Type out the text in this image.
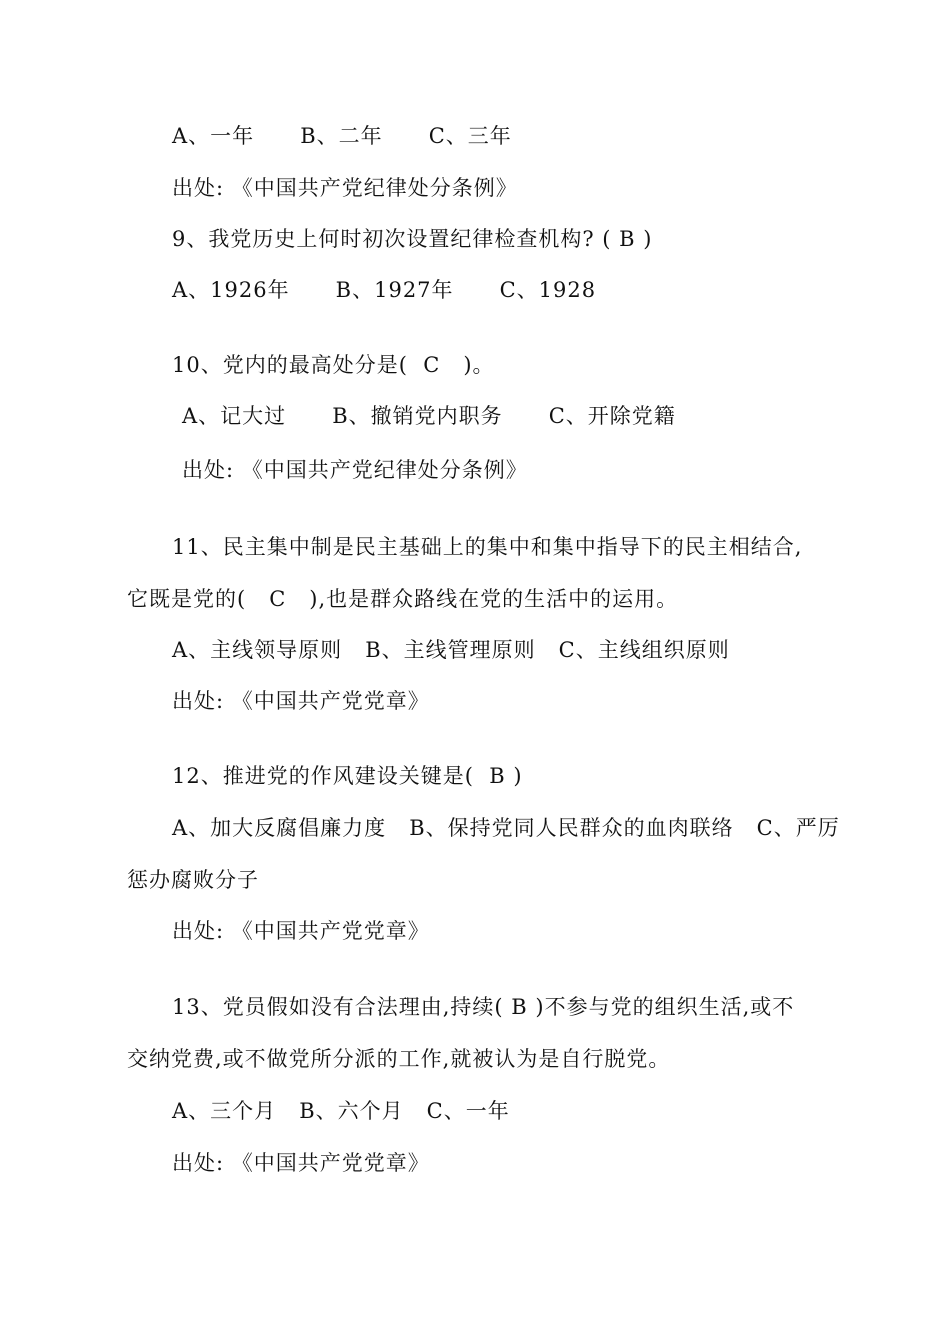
A、一年      B、二年      C、三年
出处: 《中国共产党纪律处分条例》
9、我党历史上何时初次设置纪律检查机构? ( B )
A、1926年      B、1927年      C、1928
10、党内的最高处分是(  C   )。
A、记大过      B、撤销党内职务      C、开除党籍
出处: 《中国共产党纪律处分条例》
11、民主集中制是民主基础上的集中和集中指导下的民主相结合,
它既是党的(   C   ),也是群众路线在党的生活中的运用。
A、主线领导原则   B、主线管理原则   C、主线组织原则
出处: 《中国共产党党章》
12、推进党的作风建设关键是(  B )
A、加大反腐倡廉力度   B、保持党同人民群众的血肉联络   C、严厉
惩办腐败分子
出处: 《中国共产党党章》
13、党员假如没有合法理由,持续( B )不参与党的组织生活,或不
交纳党费,或不做党所分派的工作,就被认为是自行脱党。
A、三个月   B、六个月   C、一年
出处: 《中国共产党党章》
